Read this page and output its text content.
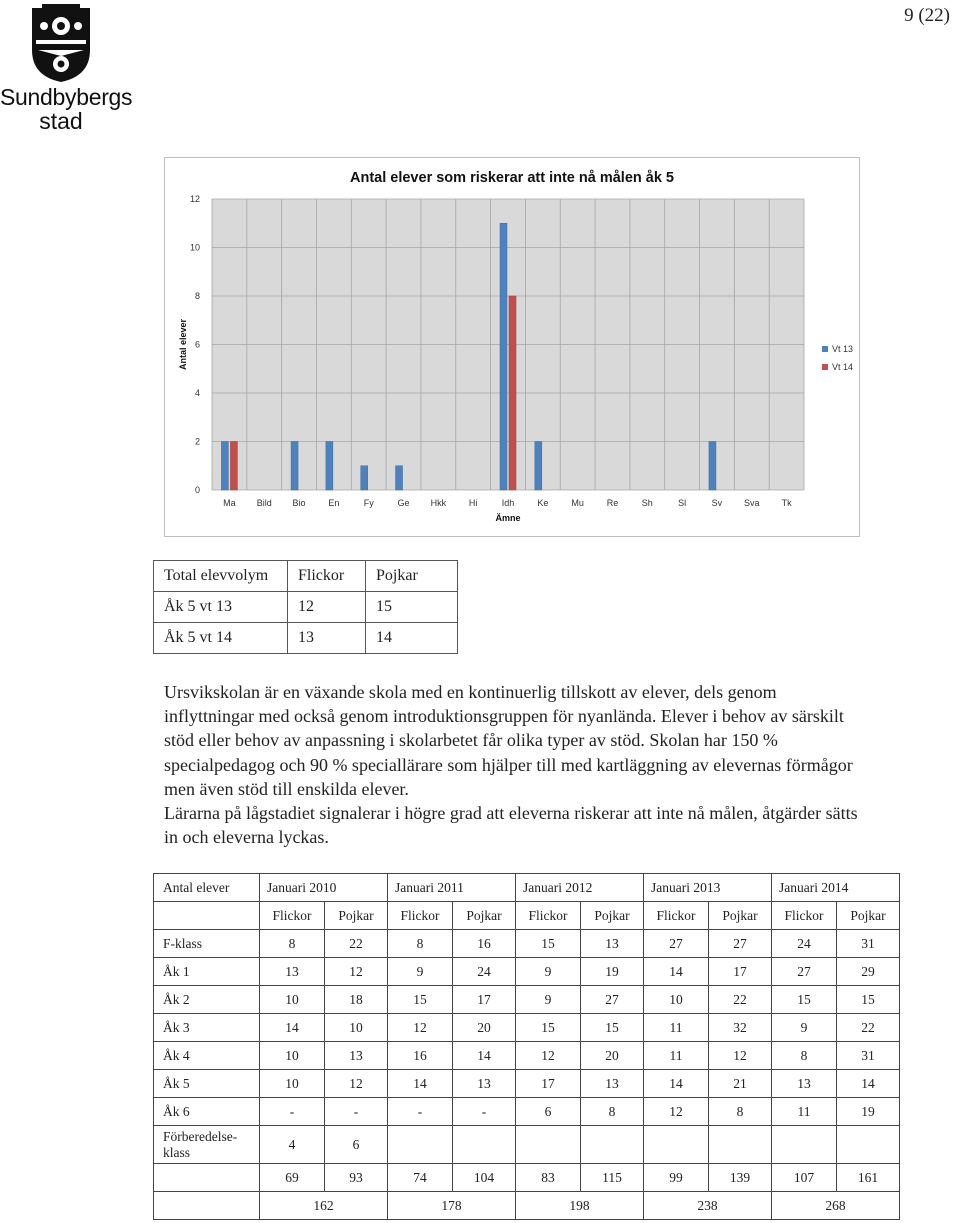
Sundbybergs
stad
9 (22)
Antal elever som riskerar att inte nå målen åk 5
0
2
4
6
8
10
12
Ma Bild Bio	En	Fy	Ge Hkk	Hi	Idh	Ke	Mu	Re	Sh	Sl	Sv Sva Tk
Ämne
Antal elever	Vt 13
Vt 14
Total elevvolym	Flickor	Pojkar
Åk 5 vt 13	12	15
Åk 5 vt 14	13	14

Ursvikskolan är en växande skola med en kontinuerlig tillskott av elever, dels genom inflyttningar med också genom introduktionsgruppen för nyanlända. Elever i behov av särskilt stöd eller behov av anpassning i skolarbetet får olika typer av stöd. Skolan har 150 % specialpedagog och 90 % speciallärare som hjälper till med kartläggning av elevernas förmågor men även stöd till enskilda elever.

Lärarna på lågstadiet signalerar i högre grad att eleverna riskerar att inte nå målen, åtgärder sätts in och eleverna lyckas.

Antal elever	Januari 2010		Januari 2011		Januari 2012		Januari 2013		Januari 2014	
	Flickor	Pojkar	Flickor	Pojkar	Flickor	Pojkar	Flickor	Pojkar	Flickor	Pojkar
F-klass	8	22	8	16	15	13	27	27	24	31
Åk 1	13	12	9	24	9	19	14	17	27	29
Åk 2	10	18	15	17	9	27	10	22	15	15
Åk 3	14	10	12	20	15	15	11	32	9	22
Åk 4	10	13	16	14	12	20	11	12	8	31
Åk 5	10	12	14	13	17	13	14	21	13	14
Åk 6	-	-	-	-	6	8	12	8	11	19
Förberedelse-klass	4	6								
	69	93	74	104	83	115	99	139	107	161
	162		178		198		238		268	
